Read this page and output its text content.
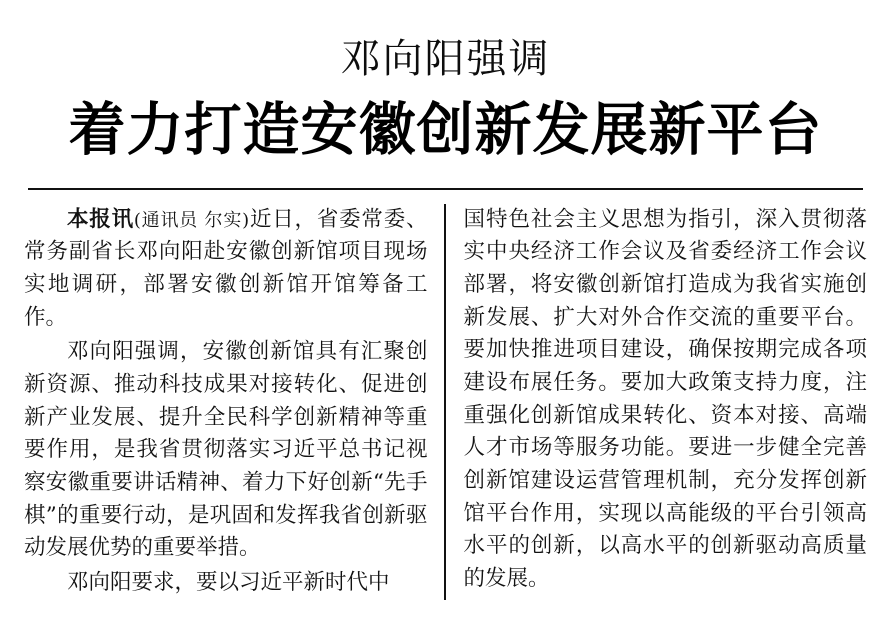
邓向阳强调
着力打造安徽创新发展新平台

本报讯(通讯员 尔实)近日，省委常委、常务副省长邓向阳赴安徽创新馆项目现场实地调研，部署安徽创新馆开馆筹备工作。

邓向阳强调，安徽创新馆具有汇聚创新资源、推动科技成果对接转化、促进创新产业发展、提升全民科学创新精神等重要作用，是我省贯彻落实习近平总书记视察安徽重要讲话精神、着力下好创新“先手棋”的重要行动，是巩固和发挥我省创新驱动发展优势的重要举措。

邓向阳要求，要以习近平新时代中

国特色社会主义思想为指引，深入贯彻落实中央经济工作会议及省委经济工作会议部署，将安徽创新馆打造成为我省实施创新发展、扩大对外合作交流的重要平台。要加快推进项目建设，确保按期完成各项建设布展任务。要加大政策支持力度，注重强化创新馆成果转化、资本对接、高端人才市场等服务功能。要进一步健全完善创新馆建设运营管理机制，充分发挥创新馆平台作用，实现以高能级的平台引领高水平的创新，以高水平的创新驱动高质量的发展。
